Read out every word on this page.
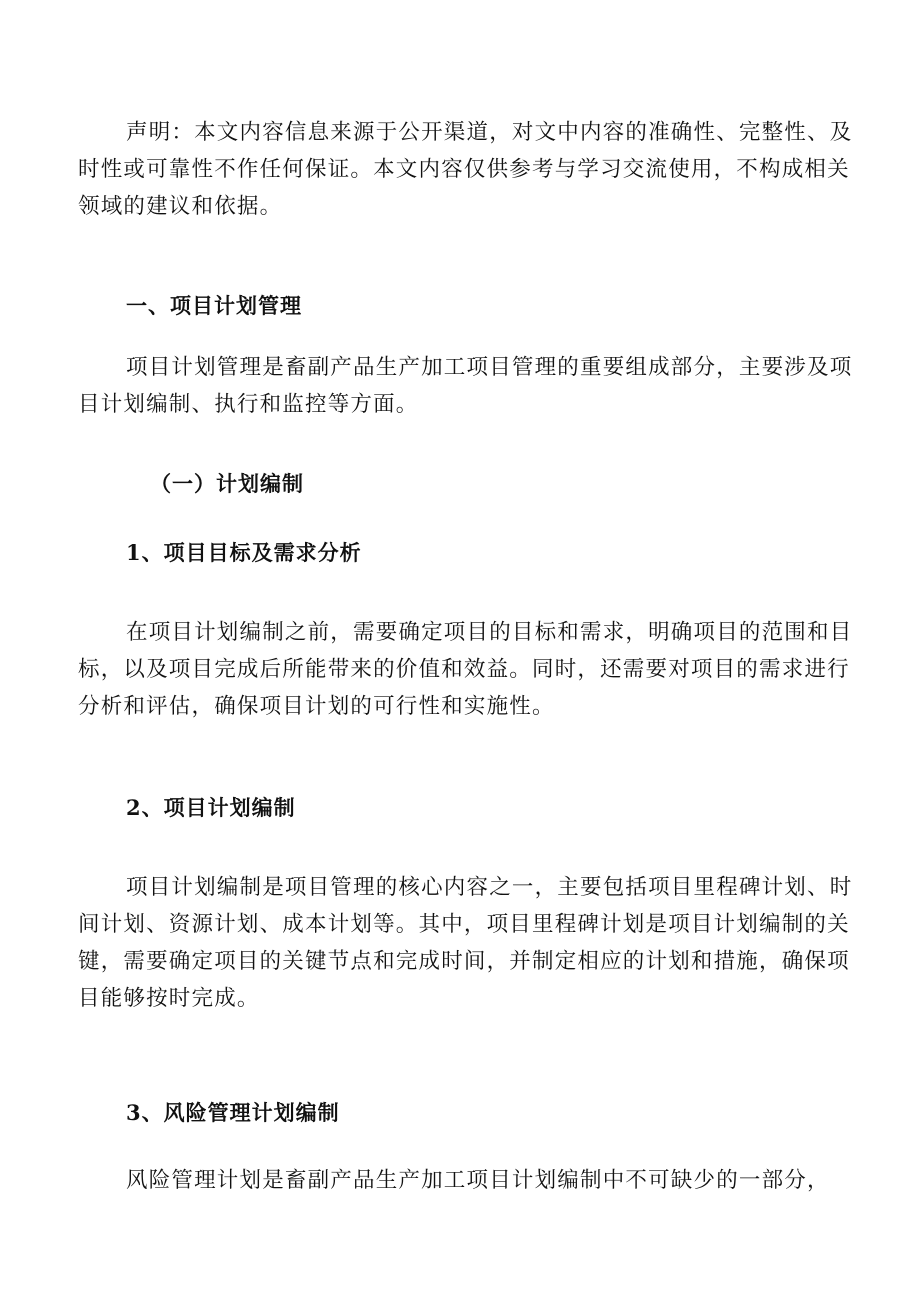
声明：本文内容信息来源于公开渠道，对文中内容的准确性、完整性、及时性或可靠性不作任何保证。本文内容仅供参考与学习交流使用，不构成相关领域的建议和依据。

一、项目计划管理

项目计划管理是畜副产品生产加工项目管理的重要组成部分，主要涉及项目计划编制、执行和监控等方面。

（一）计划编制
1、项目目标及需求分析

在项目计划编制之前，需要确定项目的目标和需求，明确项目的范围和目标，以及项目完成后所能带来的价值和效益。同时，还需要对项目的需求进行分析和评估，确保项目计划的可行性和实施性。

2、项目计划编制

项目计划编制是项目管理的核心内容之一，主要包括项目里程碑计划、时间计划、资源计划、成本计划等。其中，项目里程碑计划是项目计划编制的关键，需要确定项目的关键节点和完成时间，并制定相应的计划和措施，确保项目能够按时完成。

3、风险管理计划编制

风险管理计划是畜副产品生产加工项目计划编制中不可缺少的一部分，
